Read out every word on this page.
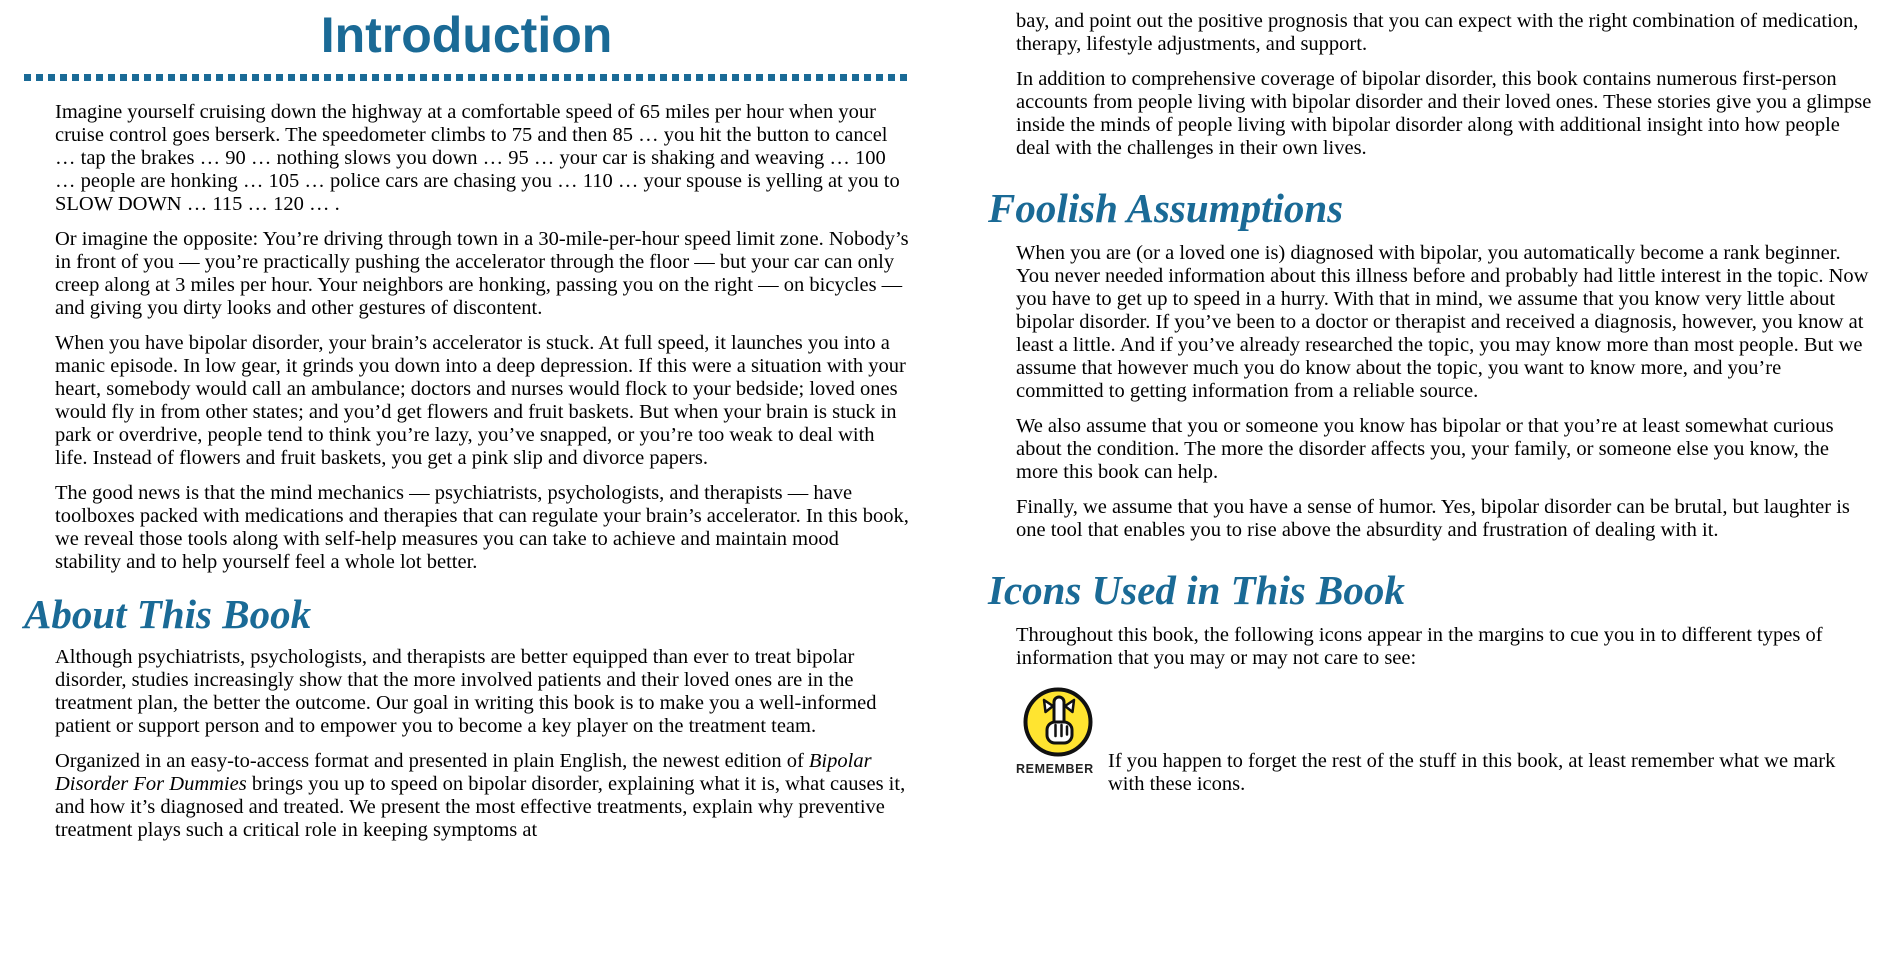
Introduction

Imagine yourself cruising down the highway at a comfortable speed of 65 miles per hour when your cruise control goes berserk. The speedometer climbs to 75 and then 85 … you hit the button to cancel … tap the brakes … 90 … nothing slows you down … 95 … your car is shaking and weaving … 100 … people are honking … 105 … police cars are chasing you … 110 … your spouse is yelling at you to SLOW DOWN … 115 … 120 … .

Or imagine the opposite: You’re driving through town in a 30-mile-per-hour speed limit zone. Nobody’s in front of you — you’re practically pushing the accelerator through the floor — but your car can only creep along at 3 miles per hour. Your neighbors are honking, passing you on the right — on bicycles — and giving you dirty looks and other gestures of discontent.

When you have bipolar disorder, your brain’s accelerator is stuck. At full speed, it launches you into a manic episode. In low gear, it grinds you down into a deep depression. If this were a situation with your heart, somebody would call an ambulance; doctors and nurses would flock to your bedside; loved ones would fly in from other states; and you’d get flowers and fruit baskets. But when your brain is stuck in park or overdrive, people tend to think you’re lazy, you’ve snapped, or you’re too weak to deal with life. Instead of flowers and fruit baskets, you get a pink slip and divorce papers.

The good news is that the mind mechanics — psychiatrists, psychologists, and therapists — have toolboxes packed with medications and therapies that can regulate your brain’s accelerator. In this book, we reveal those tools along with self-help measures you can take to achieve and maintain mood stability and to help yourself feel a whole lot better.

About This Book

Although psychiatrists, psychologists, and therapists are better equipped than ever to treat bipolar disorder, studies increasingly show that the more involved patients and their loved ones are in the treatment plan, the better the outcome. Our goal in writing this book is to make you a well-informed patient or support person and to empower you to become a key player on the treatment team.

Organized in an easy-to-access format and presented in plain English, the newest edition of Bipolar Disorder For Dummies brings you up to speed on bipolar disorder, explaining what it is, what causes it, and how it’s diagnosed and treated. We present the most effective treatments, explain why preventive treatment plays such a critical role in keeping symptoms at

bay, and point out the positive prognosis that you can expect with the right combination of medication, therapy, lifestyle adjustments, and support.

In addition to comprehensive coverage of bipolar disorder, this book contains numerous first-person accounts from people living with bipolar disorder and their loved ones. These stories give you a glimpse inside the minds of people living with bipolar disorder along with additional insight into how people deal with the challenges in their own lives.

Foolish Assumptions

When you are (or a loved one is) diagnosed with bipolar, you automatically become a rank beginner. You never needed information about this illness before and probably had little interest in the topic. Now you have to get up to speed in a hurry. With that in mind, we assume that you know very little about bipolar disorder. If you’ve been to a doctor or therapist and received a diagnosis, however, you know at least a little. And if you’ve already researched the topic, you may know more than most people. But we assume that however much you do know about the topic, you want to know more, and you’re committed to getting information from a reliable source.

We also assume that you or someone you know has bipolar or that you’re at least somewhat curious about the condition. The more the disorder affects you, your family, or someone else you know, the more this book can help.

Finally, we assume that you have a sense of humor. Yes, bipolar disorder can be brutal, but laughter is one tool that enables you to rise above the absurdity and frustration of dealing with it.

Icons Used in This Book

Throughout this book, the following icons appear in the margins to cue you in to different types of information that you may or may not care to see:

REMEMBER If you happen to forget the rest of the stuff in this book, at least remember what we mark with these icons.
